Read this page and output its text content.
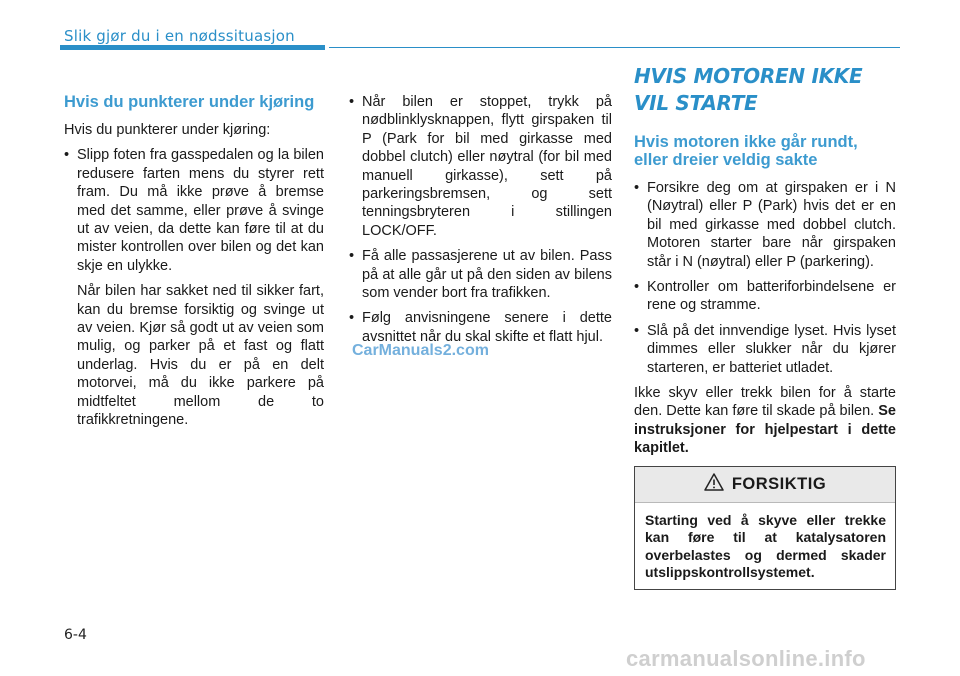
Slik gjør du i en nødssituasjon
Hvis du punkterer under kjøring

Hvis du punkterer under kjøring:

• Slipp foten fra gasspedalen og la bilen redusere farten mens du styrer rett fram. Du må ikke prøve å bremse med det samme, eller prøve å svinge ut av veien, da dette kan føre til at du mister kontrollen over bilen og det kan skje en ulykke.

Når bilen har sakket ned til sikker fart, kan du bremse forsiktig og svinge ut av veien. Kjør så godt ut av veien som mulig, og parker på et fast og flatt underlag. Hvis du er på en delt motorvei, må du ikke parkere på midtfeltet mellom de to trafikkretningene.

• Når bilen er stoppet, trykk på nødblinklysknappen, flytt girspaken til P (Park for bil med girkasse med dobbel clutch) eller nøytral (for bil med manuell girkasse), sett på parkeringsbremsen, og sett tenningsbryteren i stillingen LOCK/OFF.
• Få alle passasjerene ut av bilen. Pass på at alle går ut på den siden av bilens som vender bort fra trafikken.
• Følg anvisningene senere i dette avsnittet når du skal skifte et flatt hjul.
HVIS MOTOREN IKKE VIL STARTE
Hvis motoren ikke går rundt, eller dreier veldig sakte
• Forsikre deg om at girspaken er i N (Nøytral) eller P (Park) hvis det er en bil med girkasse med dobbel clutch. Motoren starter bare når girspaken står i N (nøytral) eller P (parkering).
• Kontroller om batteriforbindelsene er rene og stramme.
• Slå på det innvendige lyset. Hvis lyset dimmes eller slukker når du kjører starteren, er batteriet utladet.

Ikke skyv eller trekk bilen for å starte den. Dette kan føre til skade på bilen. Se instruksjoner for hjelpestart i dette kapitlet.

FORSIKTIG
Starting ved å skyve eller trekke kan føre til at katalysatoren overbelastes og dermed skader utslippskontrollsystemet.
6-4
CarManuals2.com
carmanualsonline.info
